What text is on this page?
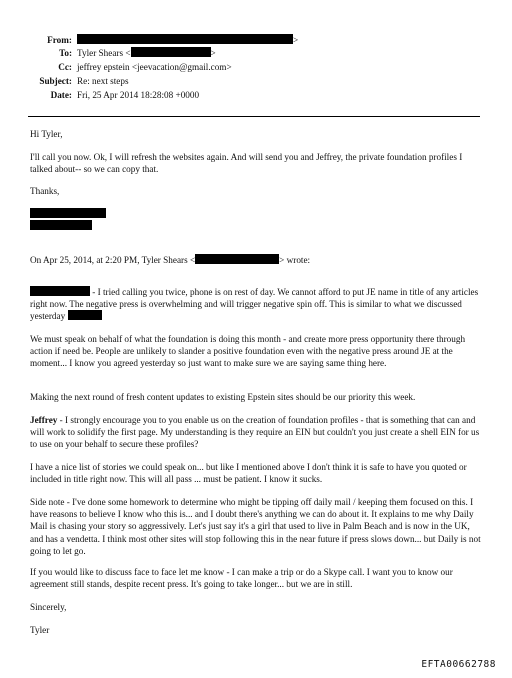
From:	>
To: Tyler Shears <	>
Cc: jeffrey epstein <jeevacation@gmail.com>
Subject: Re: next steps
Date: Fri, 25 Apr 2014 18:28:08 +0000

Hi Tyler,

I'll call you now. Ok, I will refresh the websites again. And will send you and Jeffrey, the private foundation profiles I talked about-- so we can copy that.

Thanks,

On Apr 25, 2014, at 2:20 PM, Tyler Shears <	> wrote:

- I tried calling you twice, phone is on rest of day. We cannot afford to put JE name in title of any articles right now. The negative press is overwhelming and will trigger negative spin off. This is similar to what we discussed yesterday

We must speak on behalf of what the foundation is doing this month - and create more press opportunity there through action if need be. People are unlikely to slander a positive foundation even with the negative press around JE at the moment... I know you agreed yesterday so just want to make sure we are saying same thing here.

Making the next round of fresh content updates to existing Epstein sites should be our priority this week.

Jeffrey - I strongly encourage you to you enable us on the creation of foundation profiles - that is something that can and will work to solidify the first page. My understanding is they require an EIN but couldn't you just create a shell EIN for us to use on your behalf to secure these profiles?

I have a nice list of stories we could speak on... but like I mentioned above I don't think it is safe to have you quoted or included in title right now. This will all pass ... must be patient. I know it sucks.

Side note - I've done some homework to determine who might be tipping off daily mail / keeping them focused on this. I have reasons to believe I know who this is... and I doubt there's anything we can do about it. It explains to me why Daily Mail is chasing your story so aggressively. Let's just say it's a girl that used to live in Palm Beach and is now in the UK, and has a vendetta. I think most other sites will stop following this in the near future if press slows down... but Daily is not going to let go.

If you would like to discuss face to face let me know - I can make a trip or do a Skype call. I want you to know our agreement still stands, despite recent press. It's going to take longer... but we are in still.

Sincerely,

Tyler

EFTA00662788
